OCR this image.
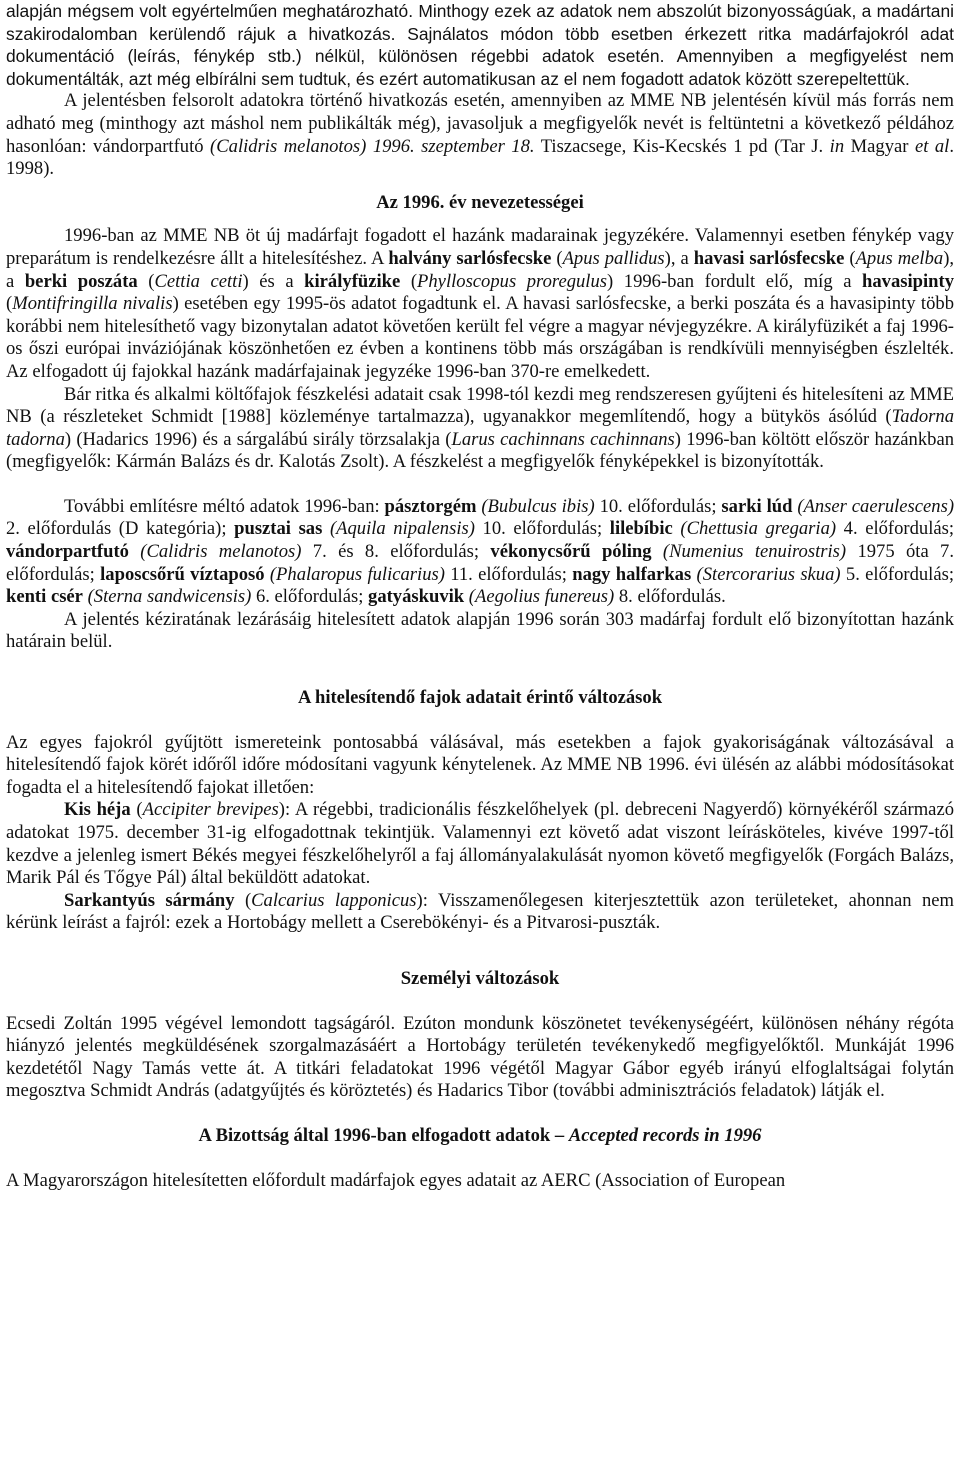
alapján mégsem volt egyértelműen meghatározható. Minthogy ezek az adatok nem abszolút bizonyosságúak, a madártani szakirodalomban kerülendő rájuk a hivatkozás. Sajnálatos módon több esetben érkezett ritka madárfajokról adat dokumentáció (leírás, fénykép stb.) nélkül, különösen régebbi adatok esetén. Amennyiben a megfigyelést nem dokumentálták, azt még elbírálni sem tudtuk, és ezért automatikusan az el nem fogadott adatok között szerepeltettük.

A jelentésben felsorolt adatokra történő hivatkozás esetén, amennyiben az MME NB jelentésén kívül más forrás nem adható meg (minthogy azt máshol nem publikálták még), javasoljuk a megfigyelők nevét is feltüntetni a következő példához hasonlóan: vándorpartfutó (Calidris melanotos) 1996. szeptember 18. Tiszacsege, Kis-Kecskés 1 pd (Tar J. in Magyar et al. 1998).

Az 1996. év nevezetességei

1996-ban az MME NB öt új madárfajt fogadott el hazánk madarainak jegyzékére. Valamennyi esetben fénykép vagy preparátum is rendelkezésre állt a hitelesítéshez. A halvány sarlósfecske (Apus pallidus), a havasi sarlósfecske (Apus melba), a berki poszáta (Cettia cetti) és a királyfüzike (Phylloscopus proregulus) 1996-ban fordult elő, míg a havasipinty (Montifringilla nivalis) esetében egy 1995-ös adatot fogadtunk el. A havasi sarlósfecske, a berki poszáta és a havasipinty több korábbi nem hitelesíthető vagy bizonytalan adatot követően került fel végre a magyar névjegyzékre. A királyfüzikét a faj 1996-os őszi európai inváziójának köszönhetően ez évben a kontinens több más országában is rendkívüli mennyiségben észlelték. Az elfogadott új fajokkal hazánk madárfajainak jegyzéke 1996-ban 370-re emelkedett.

Bár ritka és alkalmi költőfajok fészkelési adatait csak 1998-tól kezdi meg rendszeresen gyűjteni és hitelesíteni az MME NB (a részleteket Schmidt [1988] közleménye tartalmazza), ugyanakkor megemlítendő, hogy a bütykös ásólúd (Tadorna tadorna) (Hadarics 1996) és a sárgalábú sirály törzsalakja (Larus cachinnans cachinnans) 1996-ban költött először hazánkban (megfigyelők: Kármán Balázs és dr. Kalotás Zsolt). A fészkelést a megfigyelők fényképekkel is bizonyították.

További említésre méltó adatok 1996-ban: pásztorgém (Bubulcus ibis) 10. előfordulás; sarki lúd (Anser caerulescens) 2. előfordulás (D kategória); pusztai sas (Aquila nipalensis) 10. előfordulás; lilebíbic (Chettusia gregaria) 4. előfordulás; vándorpartfutó (Calidris melanotos) 7. és 8. előfordulás; vékonycsőrű póling (Numenius tenuirostris) 1975 óta 7. előfordulás; laposcsőrű víztaposó (Phalaropus fulicarius) 11. előfordulás; nagy halfarkas (Stercorarius skua) 5. előfordulás; kenti csér (Sterna sandwicensis) 6. előfordulás; gatyáskuvik (Aegolius funereus) 8. előfordulás.

A jelentés kéziratának lezárásáig hitelesített adatok alapján 1996 során 303 madárfaj fordult elő bizonyítottan hazánk határain belül.

A hitelesítendő fajok adatait érintő változások

Az egyes fajokról gyűjtött ismereteink pontosabbá válásával, más esetekben a fajok gyakoriságának változásával a hitelesítendő fajok körét időről időre módosítani vagyunk kénytelenek. Az MME NB 1996. évi ülésén az alábbi módosításokat fogadta el a hitelesítendő fajokat illetően:

Kis héja (Accipiter brevipes): A régebbi, tradicionális fészkelőhelyek (pl. debreceni Nagyerdő) környékéről származó adatokat 1975. december 31-ig elfogadottnak tekintjük. Valamennyi ezt követő adat viszont leírásköteles, kivéve 1997-től kezdve a jelenleg ismert Békés megyei fészkelőhelyről a faj állományalakulását nyomon követő megfigyelők (Forgách Balázs, Marik Pál és Tőgye Pál) által beküldött adatokat.

Sarkantyús sármány (Calcarius lapponicus): Visszamenőlegesen kiterjesztettük azon területeket, ahonnan nem kérünk leírást a fajról: ezek a Hortobágy mellett a Cserebökényi- és a Pitvarosi-puszták.

Személyi változások

Ecsedi Zoltán 1995 végével lemondott tagságáról. Ezúton mondunk köszönetet tevékenységéért, különösen néhány régóta hiányzó jelentés megküldésének szorgalmazásáért a Hortobágy területén tevékenykedő megfigyelőktől. Munkáját 1996 kezdetétől Nagy Tamás vette át. A titkári feladatokat 1996 végétől Magyar Gábor egyéb irányú elfoglaltságai folytán megosztva Schmidt András (adatgyűjtés és köröztetés) és Hadarics Tibor (további adminisztrációs feladatok) látják el.

A Bizottság által 1996-ban elfogadott adatok – Accepted records in 1996

A Magyarországon hitelesítetten előfordult madárfajok egyes adatait az AERC (Association of European
